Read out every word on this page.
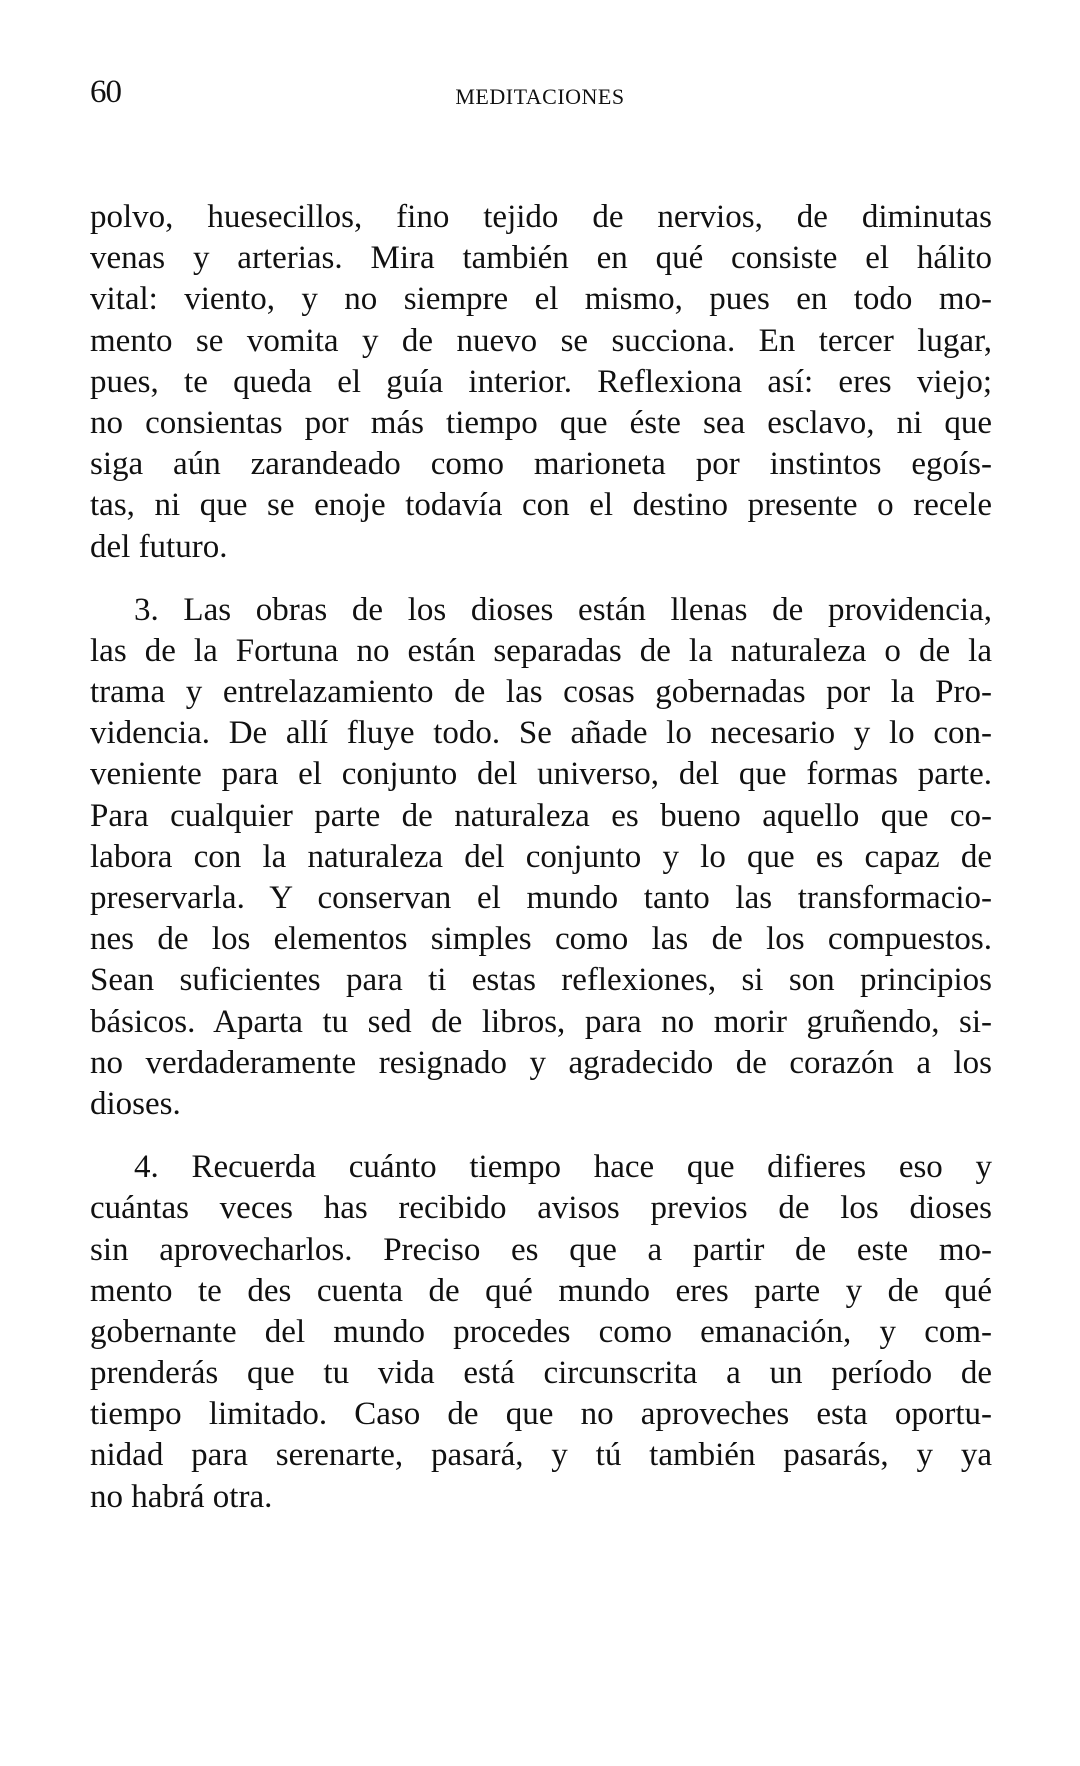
60	MEDITACIONES
polvo, huesecillos, fino tejido de nervios, de diminutas
venas y arterias. Mira también en qué consiste el hálito
vital: viento, y no siempre el mismo, pues en todo mo-
mento se vomita y de nuevo se succiona. En tercer lugar,
pues, te queda el guía interior. Reflexiona así: eres viejo;
no consientas por más tiempo que éste sea esclavo, ni que
siga aún zarandeado como marioneta por instintos egoís-
tas, ni que se enoje todavía con el destino presente o recele
del futuro.
3. Las obras de los dioses están llenas de providencia,
las de la Fortuna no están separadas de la naturaleza o de la
trama y entrelazamiento de las cosas gobernadas por la Pro-
videncia. De allí fluye todo. Se añade lo necesario y lo con-
veniente para el conjunto del universo, del que formas parte.
Para cualquier parte de naturaleza es bueno aquello que co-
labora con la naturaleza del conjunto y lo que es capaz de
preservarla. Y conservan el mundo tanto las transformacio-
nes de los elementos simples como las de los compuestos.
Sean suficientes para ti estas reflexiones, si son principios
básicos. Aparta tu sed de libros, para no morir gruñendo, si-
no verdaderamente resignado y agradecido de corazón a los
dioses.
4. Recuerda cuánto tiempo hace que difieres eso y
cuántas veces has recibido avisos previos de los dioses
sin aprovecharlos. Preciso es que a partir de este mo-
mento te des cuenta de qué mundo eres parte y de qué
gobernante del mundo procedes como emanación, y com-
prenderás que tu vida está circunscrita a un período de
tiempo limitado. Caso de que no aproveches esta oportu-
nidad para serenarte, pasará, y tú también pasarás, y ya
no habrá otra.
